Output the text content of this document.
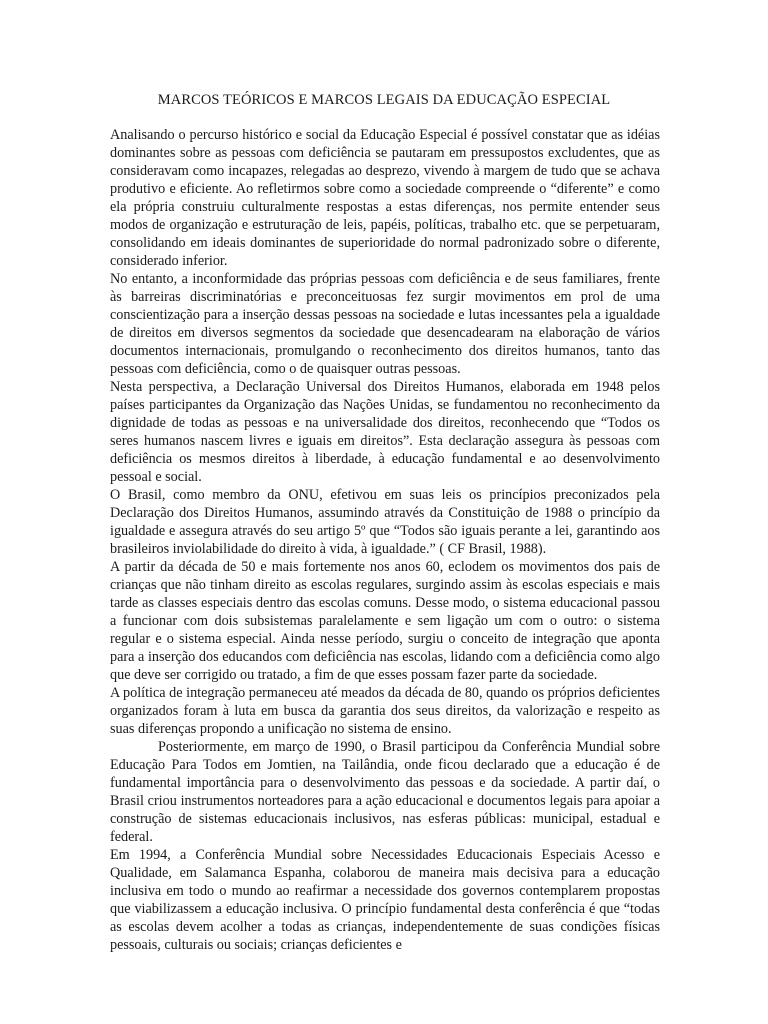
MARCOS TEÓRICOS E MARCOS LEGAIS DA EDUCAÇÃO ESPECIAL

Analisando o percurso histórico e social da Educação Especial é possível constatar que as idéias dominantes sobre as pessoas com deficiência se pautaram em pressupostos excludentes, que as consideravam como incapazes, relegadas ao desprezo, vivendo à margem de tudo que se achava produtivo e eficiente. Ao refletirmos sobre como a sociedade compreende o “diferente” e como ela própria construiu culturalmente respostas a estas diferenças, nos permite entender seus modos de organização e estruturação de leis, papéis, políticas, trabalho etc. que se perpetuaram, consolidando em ideais dominantes de superioridade do normal padronizado sobre o diferente, considerado inferior.

No entanto, a inconformidade das próprias pessoas com deficiência e de seus familiares, frente às barreiras discriminatórias e preconceituosas fez surgir movimentos em prol de uma conscientização para a inserção dessas pessoas na sociedade e lutas incessantes pela a igualdade de direitos em diversos segmentos da sociedade que desencadearam na elaboração de vários documentos internacionais, promulgando o reconhecimento dos direitos humanos, tanto das pessoas com deficiência, como o de quaisquer outras pessoas.

Nesta perspectiva, a Declaração Universal dos Direitos Humanos, elaborada em 1948 pelos países participantes da Organização das Nações Unidas, se fundamentou no reconhecimento da dignidade de todas as pessoas e na universalidade dos direitos, reconhecendo que “Todos os seres humanos nascem livres e iguais em direitos”. Esta declaração assegura às pessoas com deficiência os mesmos direitos à liberdade, à educação fundamental e ao desenvolvimento pessoal e social.

O Brasil, como membro da ONU, efetivou em suas leis os princípios preconizados pela Declaração dos Direitos Humanos, assumindo através da Constituição de 1988 o princípio da igualdade e assegura através do seu artigo 5º que “Todos são iguais perante a lei, garantindo aos brasileiros inviolabilidade do direito à vida, à igualdade.” ( CF Brasil, 1988).

A partir da década de 50 e mais fortemente nos anos 60, eclodem os movimentos dos pais de crianças que não tinham direito as escolas regulares, surgindo assim às escolas especiais e mais tarde as classes especiais dentro das escolas comuns. Desse modo, o sistema educacional passou a funcionar com dois subsistemas paralelamente e sem ligação um com o outro: o sistema regular e o sistema especial. Ainda nesse período, surgiu o conceito de integração que aponta para a inserção dos educandos com deficiência nas escolas, lidando com a deficiência como algo que deve ser corrigido ou tratado, a fim de que esses possam fazer parte da sociedade.

A política de integração permaneceu até meados da década de 80, quando os próprios deficientes organizados foram à luta em busca da garantia dos seus direitos, da valorização e respeito as suas diferenças propondo a unificação no sistema de ensino.

Posteriormente, em março de 1990, o Brasil participou da Conferência Mundial sobre Educação Para Todos em Jomtien, na Tailândia, onde ficou declarado que a educação é de fundamental importância para o desenvolvimento das pessoas e da sociedade. A partir daí, o Brasil criou instrumentos norteadores para a ação educacional e documentos legais para apoiar a construção de sistemas educacionais inclusivos, nas esferas públicas: municipal, estadual e federal.

Em 1994, a Conferência Mundial sobre Necessidades Educacionais Especiais Acesso e Qualidade, em Salamanca Espanha, colaborou de maneira mais decisiva para a educação inclusiva em todo o mundo ao reafirmar a necessidade dos governos contemplarem propostas que viabilizassem a educação inclusiva. O princípio fundamental desta conferência é que “todas as escolas devem acolher a todas as crianças, independentemente de suas condições físicas pessoais, culturais ou sociais; crianças deficientes e
